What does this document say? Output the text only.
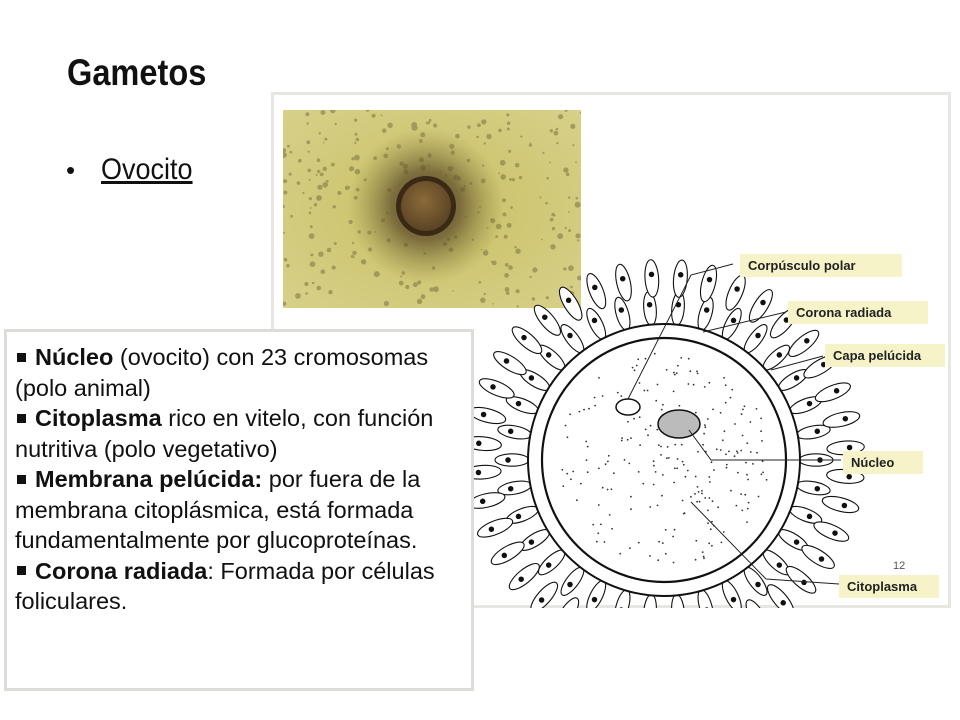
Gametos
• Ovocito
Corpúsculo polar
Corona radiada
Capa pelúcida
Núcleo
Citoplasma
12

Núcleo (ovocito) con 23 cromosomas (polo animal)

Citoplasma rico en vitelo, con función nutritiva (polo vegetativo)

Membrana pelúcida: por fuera de la membrana citoplásmica, está formada fundamentalmente por glucoproteínas.

Corona radiada: Formada por células foliculares.
